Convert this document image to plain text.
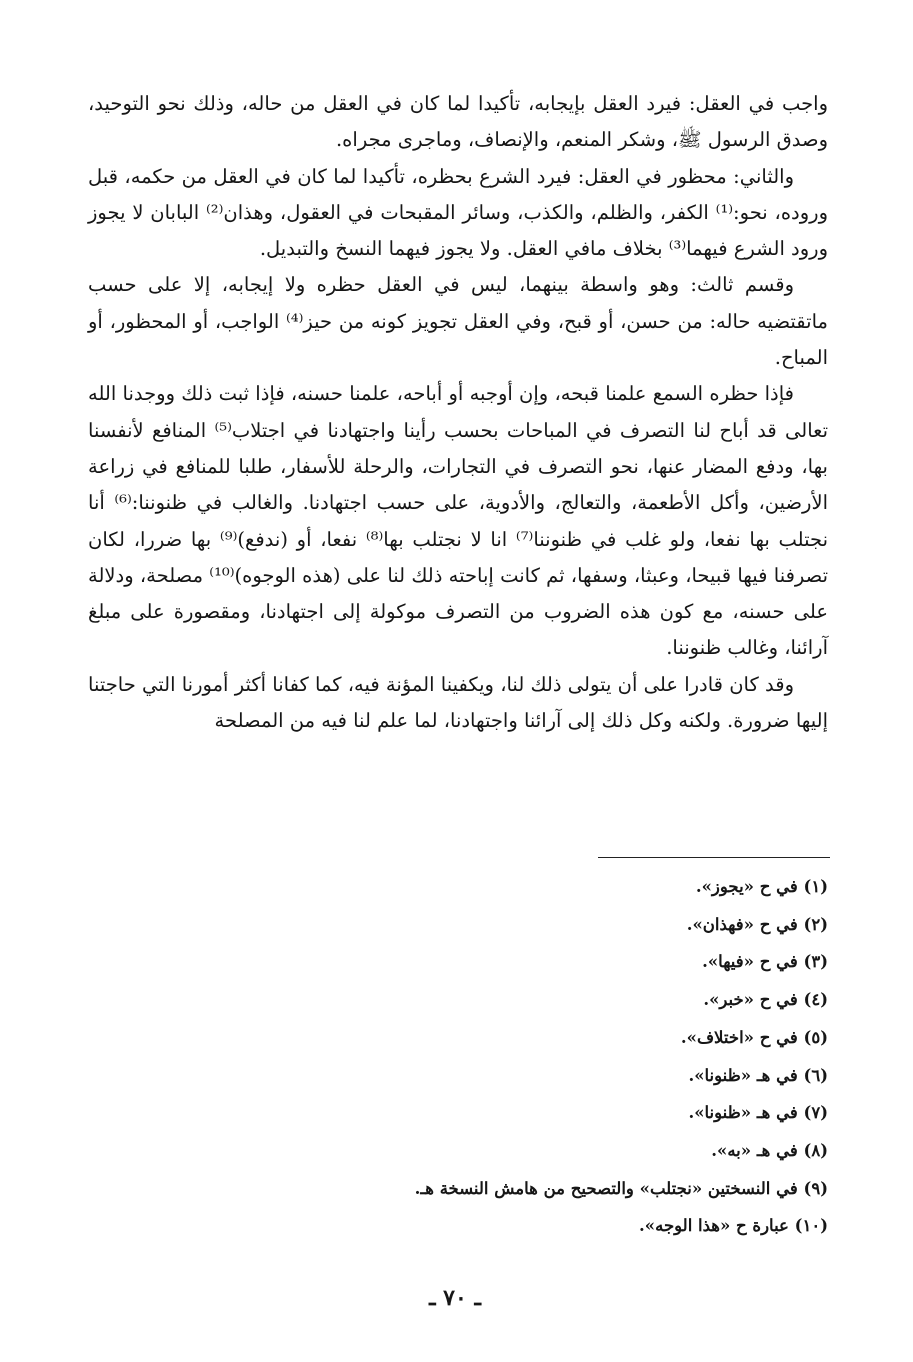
واجب في العقل: فيرد العقل بإيجابه، تأكيدا لما كان في العقل من حاله، وذلك نحو التوحيد، وصدق الرسول ﷺ، وشكر المنعم، والإنصاف، وماجرى مجراه.

والثاني: محظور في العقل: فيرد الشرع بحظره، تأكيدا لما كان في العقل من حكمه، قبل وروده، نحو:⁽¹⁾ الكفر، والظلم، والكذب، وسائر المقبحات في العقول، وهذان⁽²⁾ البابان لا يجوز ورود الشرع فيهما⁽³⁾ بخلاف مافي العقل. ولا يجوز فيهما النسخ والتبديل.

وقسم ثالث: وهو واسطة بينهما، ليس في العقل حظره ولا إيجابه، إلا على حسب ماتقتضيه حاله: من حسن، أو قبح، وفي العقل تجويز كونه من حيز⁽⁴⁾ الواجب، أو المحظور، أو المباح.

فإذا حظره السمع علمنا قبحه، وإن أوجبه أو أباحه، علمنا حسنه، فإذا ثبت ذلك ووجدنا الله تعالى قد أباح لنا التصرف في المباحات بحسب رأينا واجتهادنا في اجتلاب⁽⁵⁾ المنافع لأنفسنا بها، ودفع المضار عنها، نحو التصرف في التجارات، والرحلة للأسفار، طلبا للمنافع في زراعة الأرضين، وأكل الأطعمة، والتعالج، والأدوية، على حسب اجتهادنا. والغالب في ظنوننا:⁽⁶⁾ أنا نجتلب بها نفعا، ولو غلب في ظنوننا⁽⁷⁾ انا لا نجتلب بها⁽⁸⁾ نفعا، أو (ندفع)⁽⁹⁾ بها ضررا، لكان تصرفنا فيها قبيحا، وعبثا، وسفها، ثم كانت إباحته ذلك لنا على (هذه الوجوه)⁽¹⁰⁾ مصلحة، ودلالة على حسنه، مع كون هذه الضروب من التصرف موكولة إلى اجتهادنا، ومقصورة على مبلغ آرائنا، وغالب ظنوننا.

وقد كان قادرا على أن يتولى ذلك لنا، ويكفينا المؤنة فيه، كما كفانا أكثر أمورنا التي حاجتنا إليها ضرورة. ولكنه وكل ذلك إلى آرائنا واجتهادنا، لما علم لنا فيه من المصلحة

(١) في ح «يجوز».
(٢) في ح «فهذان».
(٣) في ح «فيها».
(٤) في ح «خبر».
(٥) في ح «اختلاف».
(٦) في هـ «ظنونا».
(٧) في هـ «ظنونا».
(٨) في هـ «به».
(٩) في النسختين «نجتلب» والتصحيح من هامش النسخة هـ.
(١٠) عبارة ح «هذا الوجه».
ـ ٧٠ ـ
